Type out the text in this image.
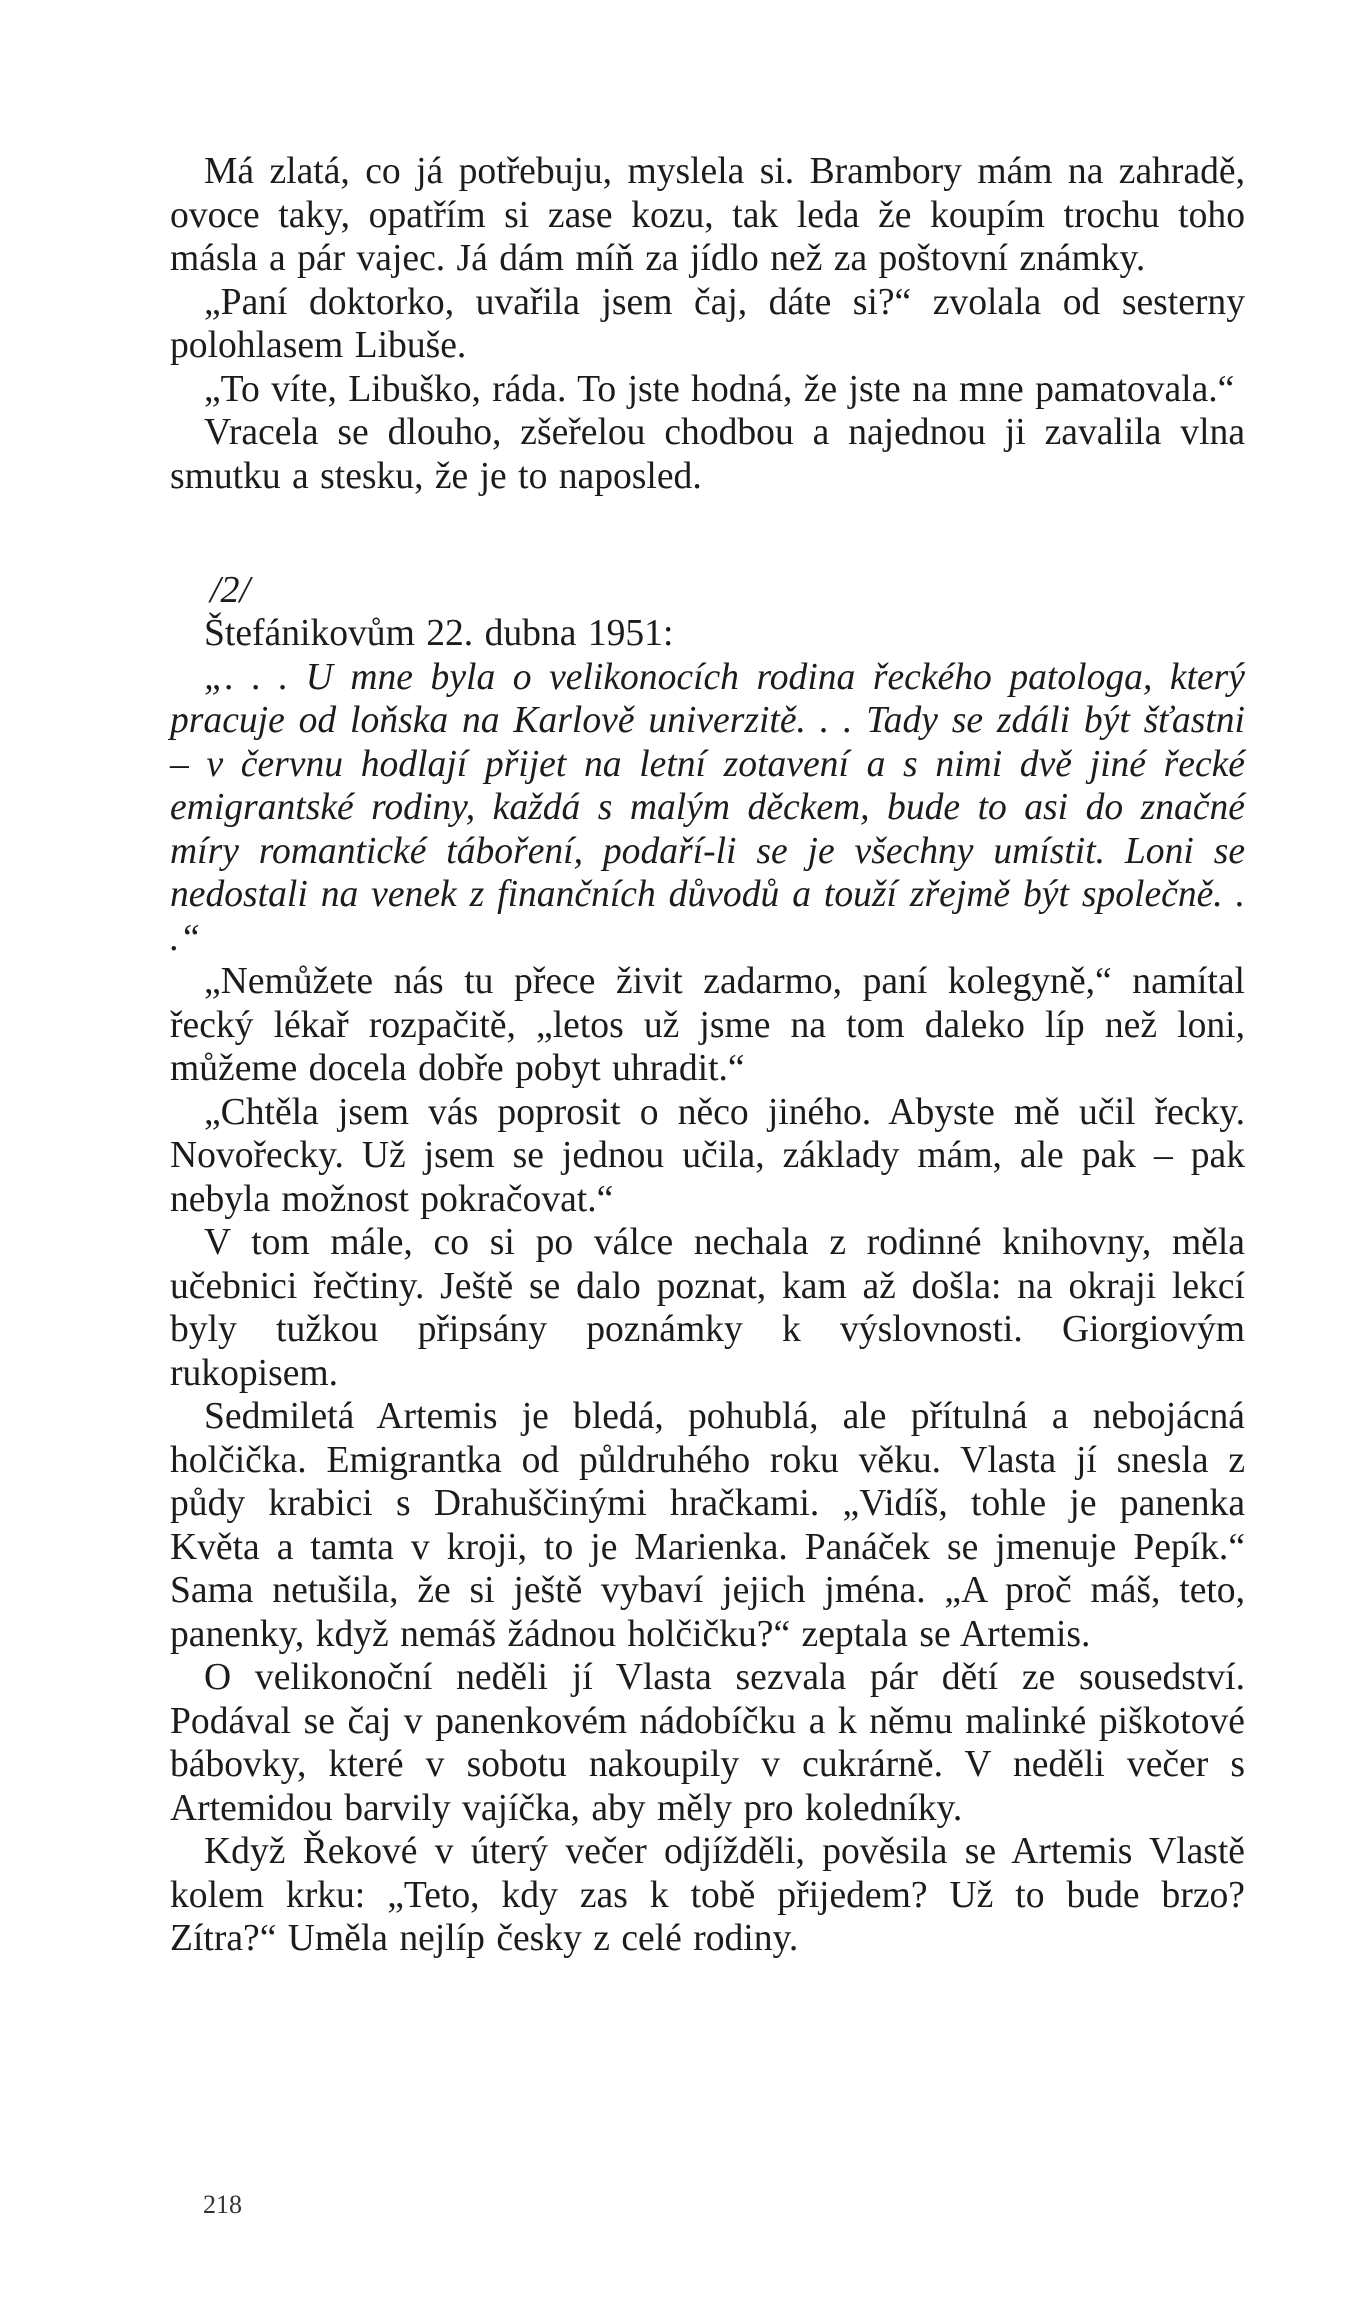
Má zlatá, co já potřebuju, myslela si. Brambory mám na zahradě, ovoce taky, opatřím si zase kozu, tak leda že koupím trochu toho másla a pár vajec. Já dám míň za jídlo než za poštovní známky.

„Paní doktorko, uvařila jsem čaj, dáte si?“ zvolala od sesterny polohlasem Libuše.

„To víte, Libuško, ráda. To jste hodná, že jste na mne pamatovala.“

Vracela se dlouho, zšeřelou chodbou a najednou ji zavalila vlna smutku a stesku, že je to naposled.

/2/

Štefánikovům 22. dubna 1951:

„. . . U mne byla o velikonocích rodina řeckého patologa, který pracuje od loňska na Karlově univerzitě. . . Tady se zdáli být šťastni – v červnu hodlají přijet na letní zotavení a s nimi dvě jiné řecké emigrantské rodiny, každá s malým děckem, bude to asi do značné míry romantické táboření, podaří-li se je všechny umístit. Loni se nedostali na venek z finančních důvodů a touží zřejmě být společně. . .“

„Nemůžete nás tu přece živit zadarmo, paní kolegyně,“ namítal řecký lékař rozpačitě, „letos už jsme na tom daleko líp než loni, můžeme docela dobře pobyt uhradit.“

„Chtěla jsem vás poprosit o něco jiného. Abyste mě učil řecky. Novořecky. Už jsem se jednou učila, základy mám, ale pak – pak nebyla možnost pokračovat.“

V tom mále, co si po válce nechala z rodinné knihovny, měla učebnici řečtiny. Ještě se dalo poznat, kam až došla: na okraji lekcí byly tužkou připsány poznámky k výslovnosti. Giorgiovým rukopisem.

Sedmiletá Artemis je bledá, pohublá, ale přítulná a nebojácná holčička. Emigrantka od půldruhého roku věku. Vlasta jí snesla z půdy krabici s Drahuščinými hračkami. „Vidíš, tohle je panenka Květa a tamta v kroji, to je Marienka. Panáček se jmenuje Pepík.“ Sama netušila, že si ještě vybaví jejich jména. „A proč máš, teto, panenky, když nemáš žádnou holčičku?“ zeptala se Artemis.

O velikonoční neděli jí Vlasta sezvala pár dětí ze sousedství. Podával se čaj v panenkovém nádobíčku a k němu malinké piškotové bábovky, které v sobotu nakoupily v cukrárně. V neděli večer s Artemidou barvily vajíčka, aby měly pro koledníky.

Když Řekové v úterý večer odjížděli, pověsila se Artemis Vlastě kolem krku: „Teto, kdy zas k tobě přijedem? Už to bude brzo? Zítra?“ Uměla nejlíp česky z celé rodiny.

218
